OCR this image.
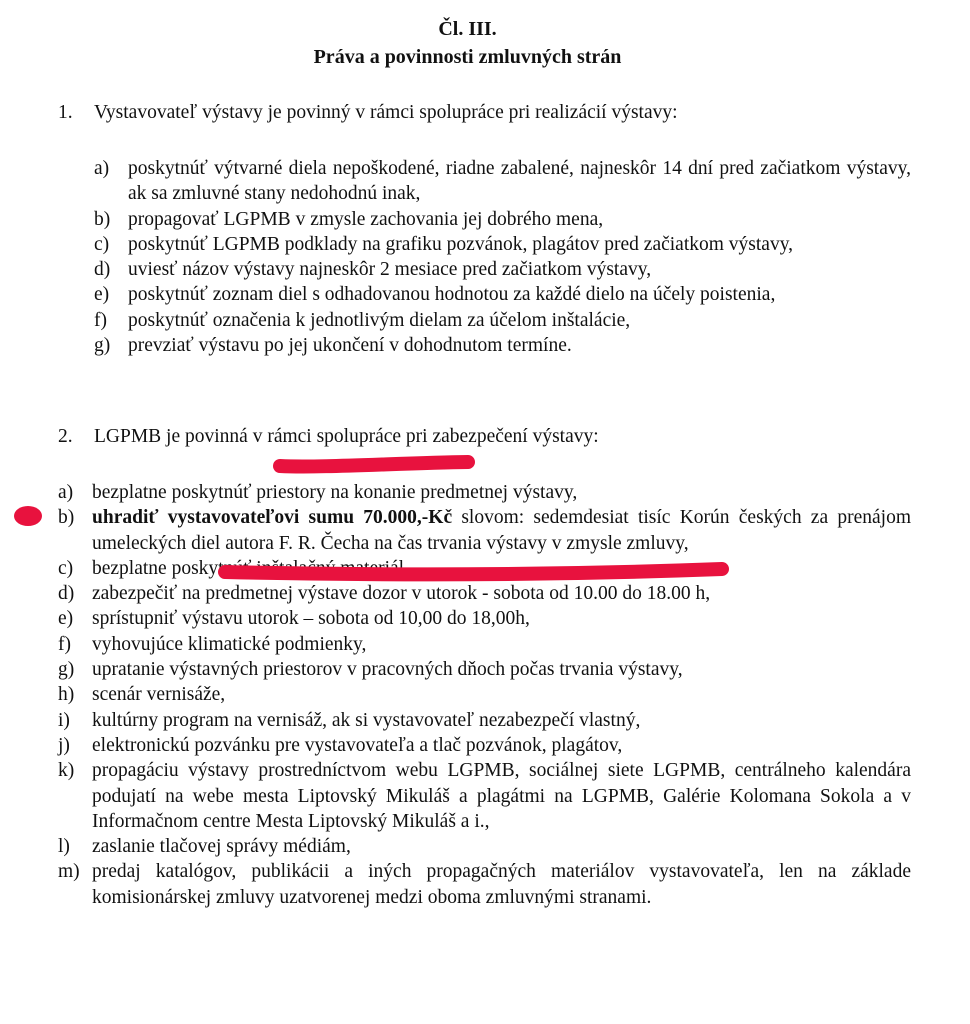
Čl. III.
Práva a povinnosti zmluvných strán
1. Vystavovateľ výstavy je povinný v rámci spolupráce pri realizácií výstavy:
a) poskytnúť výtvarné diela nepoškodené, riadne zabalené, najneskôr 14 dní pred začiatkom výstavy, ak sa zmluvné stany nedohodnú inak,
b) propagovať LGPMB v zmysle zachovania jej dobrého mena,
c) poskytnúť LGPMB podklady na grafiku pozvánok, plagátov pred začiatkom výstavy,
d) uviesť názov výstavy najneskôr 2 mesiace pred začiatkom výstavy,
e) poskytnúť zoznam diel s odhadovanou hodnotou za každé dielo na účely poistenia,
f) poskytnúť označenia k jednotlivým dielam za účelom inštalácie,
g) prevziať výstavu po jej ukončení v dohodnutom termíne.
2. LGPMB je povinná v rámci spolupráce pri zabezpečení výstavy:
a) bezplatne poskytnúť priestory na konanie predmetnej výstavy,
b) uhradiť vystavovateľovi sumu 70.000,-Kč slovom: sedemdesiat tisíc Korún českých za prenájom umeleckých diel autora F. R. Čecha na čas trvania výstavy v zmysle zmluvy,
c) bezplatne poskytnúť inštalačný materiál,
d) zabezpečiť na predmetnej výstave dozor v utorok - sobota od 10.00 do 18.00 h,
e) sprístupniť výstavu utorok – sobota od 10,00 do 18,00h,
f) vyhovujúce klimatické podmienky,
g) upratanie výstavných priestorov v pracovných dňoch počas trvania výstavy,
h) scenár vernisáže,
i) kultúrny program na vernisáž, ak si vystavovateľ nezabezpečí vlastný,
j) elektronickú pozvánku pre vystavovateľa a tlač pozvánok, plagátov,
k) propagáciu výstavy prostredníctvom webu LGPMB, sociálnej siete LGPMB, centrálneho kalendára podujatí na webe mesta Liptovský Mikuláš a plagátmi na LGPMB, Galérie Kolomana Sokola a v Informačnom centre Mesta Liptovský Mikuláš a i.,
l) zaslanie tlačovej správy médiám,
m) predaj katalógov, publikácii a iných propagačných materiálov vystavovateľa, len na základe komisionárskej zmluvy uzatvorenej medzi oboma zmluvnými stranami.
